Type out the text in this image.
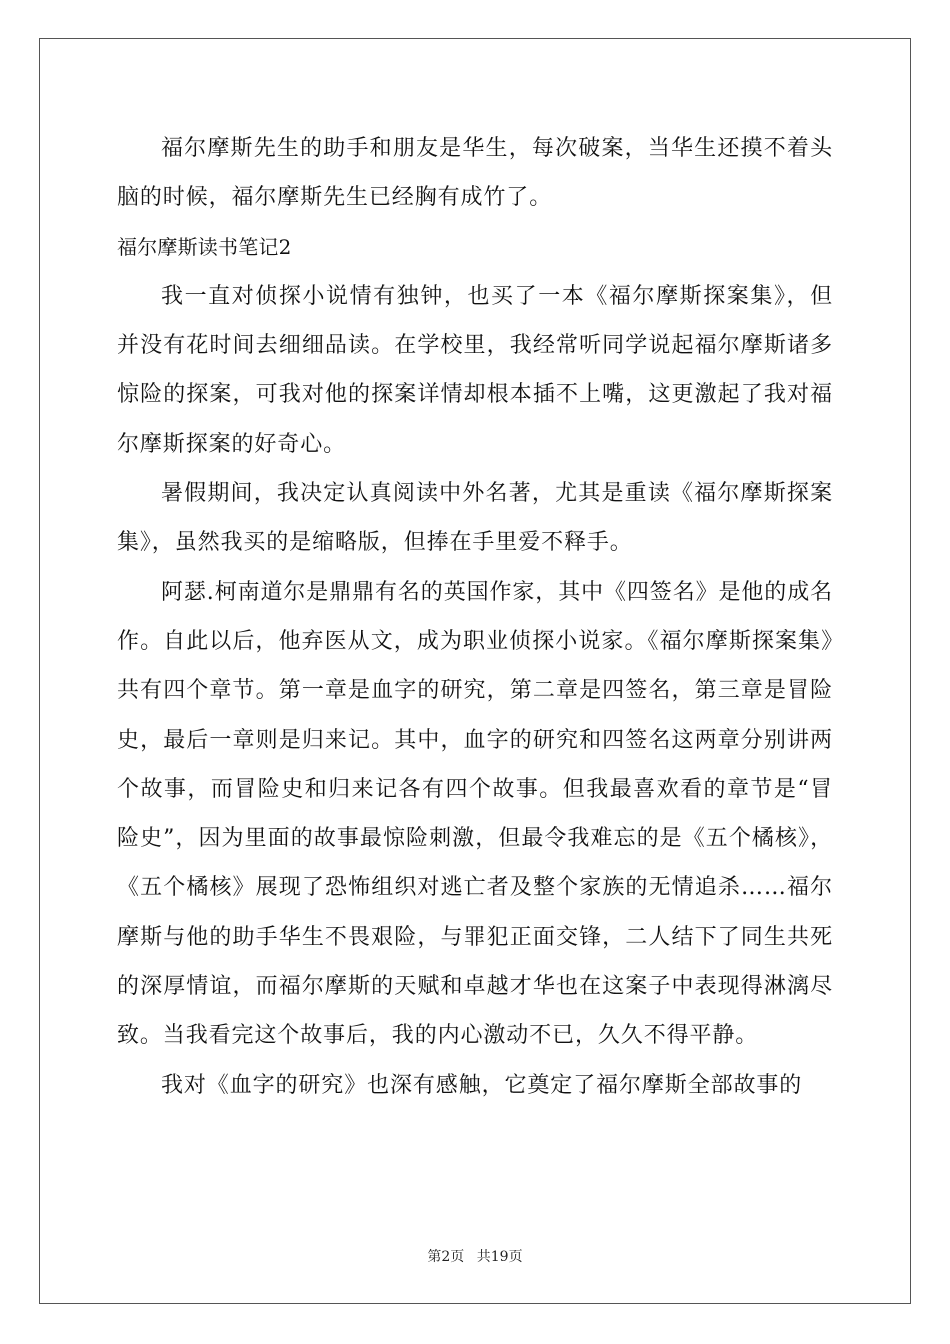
福尔摩斯先生的助手和朋友是华生，每次破案，当华生还摸不着头脑的时候，福尔摩斯先生已经胸有成竹了。

福尔摩斯读书笔记2

我一直对侦探小说情有独钟，也买了一本《福尔摩斯探案集》，但并没有花时间去细细品读。在学校里，我经常听同学说起福尔摩斯诸多惊险的探案，可我对他的探案详情却根本插不上嘴，这更激起了我对福尔摩斯探案的好奇心。

暑假期间，我决定认真阅读中外名著，尤其是重读《福尔摩斯探案集》，虽然我买的是缩略版，但捧在手里爱不释手。

阿瑟.柯南道尔是鼎鼎有名的英国作家，其中《四签名》是他的成名作。自此以后，他弃医从文，成为职业侦探小说家。《福尔摩斯探案集》共有四个章节。第一章是血字的研究，第二章是四签名，第三章是冒险史，最后一章则是归来记。其中，血字的研究和四签名这两章分别讲两个故事，而冒险史和归来记各有四个故事。但我最喜欢看的章节是“冒险史”，因为里面的故事最惊险刺激，但最令我难忘的是《五个橘核》，《五个橘核》展现了恐怖组织对逃亡者及整个家族的无情追杀……福尔摩斯与他的助手华生不畏艰险，与罪犯正面交锋，二人结下了同生共死的深厚情谊，而福尔摩斯的天赋和卓越才华也在这案子中表现得淋漓尽致。当我看完这个故事后，我的内心激动不已，久久不得平静。

我对《血字的研究》也深有感触，它奠定了福尔摩斯全部故事的

第2页 共19页
